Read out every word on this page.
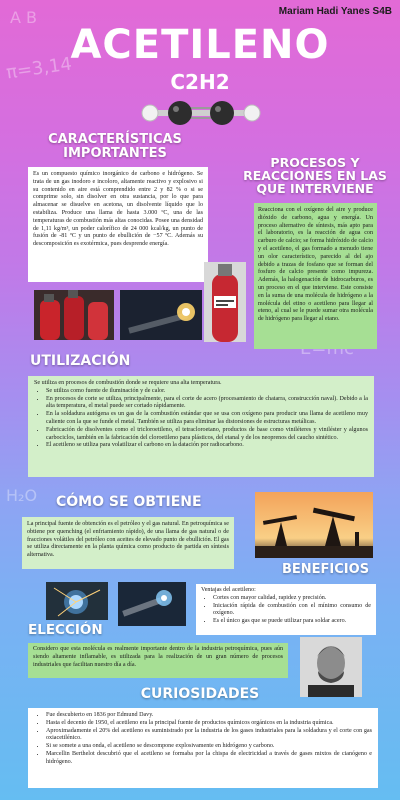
π=3,14
A B
H₂O
Mariam Hadi Yanes S4B
ACETILENO
C2H2
CARACTERÍSTICAS
IMPORTANTES

Es un compuesto químico inorgánico de carbono e hidrógeno. Se trata de un gas inodoro e incoloro, altamente reactivo y explosivo si su contenido en aire está comprendido entre 2 y 82 % o si se comprime solo, sin disolver en otra sustancia, por lo que para almacenar se disuelve en acetona, un disolvente líquido que lo estabiliza. Produce una llama de hasta 3.000 ºC, una de las temperaturas de combustión más altas conocidas. Posee una densidad de 1,11 kg/m³, un poder calorífico de 24 000 kcal/kg, un punto de fusión de -81 ºC y un punto de ebullición de −57 ºC. Además su descomposición es exotérmica, pues desprende energía.

PROCESOS Y
REACCIONES EN LAS
QUE INTERVIENE

Reacciona con el oxígeno del aire y produce dióxido de carbono, agua y energía. Un proceso alternativo de síntesis, más apto para el laboratorio, es la reacción de agua con carburo de calcio; se forma hidróxido de calcio y el acetileno, el gas formado a menudo tiene un olor característico, parecido al del ajo debido a trazas de fosfano que se forman del fosfuro de calcio presente como impureza. Además, la halogenación de hidrocarburos, es un proceso en el que interviene. Este consiste en la suma de una molécula de hidrógeno a la molécula del etino o acetileno para llegar al eteno, al cual se le puede sumar otra molécula de hidrógeno para llegar al etano.

UTILIZACIÓN

Se utiliza en procesos de combustión donde se requiere una alta temperatura.

• Se utiliza como fuente de iluminación y de calor.
• En procesos de corte se utiliza, principalmente, para el corte de acero (procesamiento de chatarra, construcción naval). Debido a la alta temperatura, el metal puede ser cortado rápidamente.
• En la soldadura autógena es un gas de la combustión estándar que se usa con oxígeno para producir una llama de acetileno muy caliente con la que se funde el metal. También se utiliza para eliminar las distorsiones de estructuras metálicas.
• Fabricación de disolventes como el tricloroetileno, el tetracloroetano, productos de base como viniléteres y viniléster y algunos carbociclos, también en la fabricación del cloroetileno para plásticos, del etanal y de los neoprenos del caucho sintético.
• El acetileno se utiliza para volatilizar el carbono en la datación por radiocarbono.
CÓMO SE OBTIENE

La principal fuente de obtención es el petróleo y el gas natural. En petroquímica se obtiene por quenching (el enfriamiento rápido), de una llama de gas natural o de fracciones volátiles del petróleo con aceites de elevado punto de ebullición. El gas se utiliza directamente en la planta química como producto de partida en síntesis alternativa.

BENEFICIOS

Ventajas del acetileno:

• Cortes con mayor calidad, rapidez y precisión.
• Iniciación rápida de combustión con el mínimo consumo de oxígeno.
• Es el único gas que se puede utilizar para soldar acero.
ELECCIÓN

Considero que esta molécula es realmente importante dentro de la industria petroquímica, pues aún siendo altamente inflamable, es utilizada para la realización de un gran número de procesos industriales que facilitan nuestro día a día.

CURIOSIDADES
• Fue descubierto en 1836 por Edmund Davy.
• Hasta el decenio de 1950, el acetileno era la principal fuente de productos químicos orgánicos en la industria química.
• Aproximadamente el 20% del acetileno es suministrado por la industria de los gases industriales para la soldadura y el corte con gas oxiacetilénico.
• Si se somete a una onda, el acetileno se descompone explosivamente en hidrógeno y carbono.
• Marcellin Berthelot descubrió que el acetileno se formaba por la chispa de electricidad a través de gases mixtos de cianógeno e hidrógeno.
